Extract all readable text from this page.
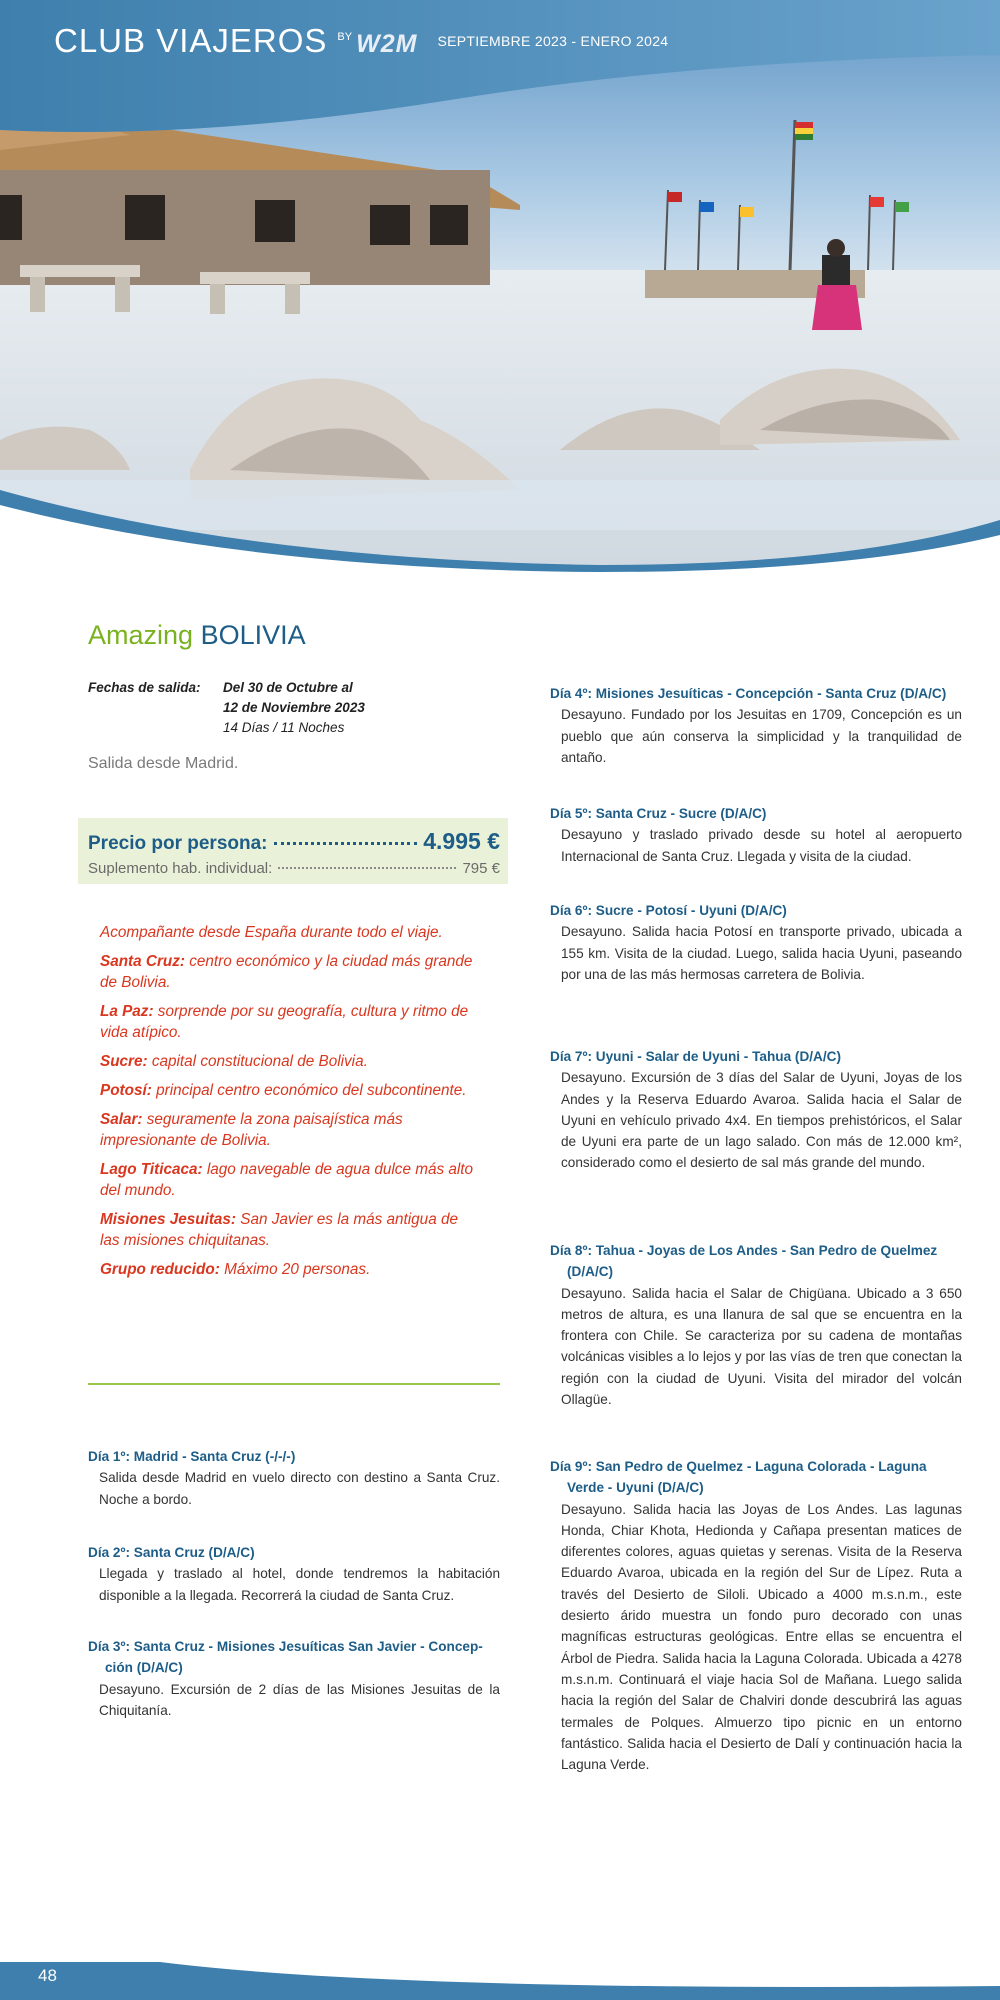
CLUB VIAJEROS BY W2M SEPTIEMBRE 2023 - ENERO 2024
Amazing BOLIVIA
Fechas de salida: Del 30 de Octubre al
12 de Noviembre 2023
14 Días / 11 Noches
Salida desde Madrid.
Precio por persona:	4.995 €
Suplemento hab. individual:	795 €
Acompañante desde España durante todo el viaje.
Santa Cruz: centro económico y la ciudad más grande de Bolivia.
La Paz: sorprende por su geografía, cultura y ritmo de vida atípico.
Sucre: capital constitucional de Bolivia.
Potosí: principal centro económico del subcontinente.
Salar: seguramente la zona paisajística más impresionante de Bolivia.
Lago Titicaca: lago navegable de agua dulce más alto del mundo.
Misiones Jesuitas: San Javier es la más antigua de las misiones chiquitanas.
Grupo reducido: Máximo 20 personas.
Día 1º: Madrid - Santa Cruz (-/-/-)
Salida desde Madrid en vuelo directo con destino a Santa Cruz. Noche a bordo.
Día 2º: Santa Cruz (D/A/C)
Llegada y traslado al hotel, donde tendremos la habitación disponible a la llegada. Recorrerá la ciudad de Santa Cruz.
Día 3º: Santa Cruz - Misiones Jesuíticas San Javier - Concep-
ción (D/A/C)
Desayuno. Excursión de 2 días de las Misiones Jesuitas de la Chiquitanía.
Día 4º: Misiones Jesuíticas - Concepción - Santa Cruz (D/A/C)
Desayuno. Fundado por los Jesuitas en 1709, Concepción es un pueblo que aún conserva la simplicidad y la tranquilidad de antaño.
Día 5º: Santa Cruz - Sucre (D/A/C)
Desayuno y traslado privado desde su hotel al aeropuerto Internacional de Santa Cruz. Llegada y visita de la ciudad.
Día 6º: Sucre - Potosí - Uyuni (D/A/C)
Desayuno. Salida hacia Potosí en transporte privado, ubicada a 155 km. Visita de la ciudad. Luego, salida hacia Uyuni, paseando por una de las más hermosas carretera de Bolivia.
Día 7º: Uyuni - Salar de Uyuni - Tahua (D/A/C)
Desayuno. Excursión de 3 días del Salar de Uyuni, Joyas de los Andes y la Reserva Eduardo Avaroa. Salida hacia el Salar de Uyuni en vehículo privado 4x4. En tiempos prehistóricos, el Salar de Uyuni era parte de un lago salado. Con más de 12.000 km², considerado como el desierto de sal más grande del mundo.
Día 8º: Tahua - Joyas de Los Andes - San Pedro de Quelmez
(D/A/C)
Desayuno. Salida hacia el Salar de Chigüana. Ubicado a 3 650 metros de altura, es una llanura de sal que se encuentra en la frontera con Chile. Se caracteriza por su cadena de montañas volcánicas visibles a lo lejos y por las vías de tren que conectan la región con la ciudad de Uyuni. Visita del mirador del volcán Ollagüe.
Día 9º: San Pedro de Quelmez - Laguna Colorada - Laguna
Verde - Uyuni (D/A/C)
Desayuno. Salida hacia las Joyas de Los Andes. Las lagunas Honda, Chiar Khota, Hedionda y Cañapa presentan matices de diferentes colores, aguas quietas y serenas. Visita de la Reserva Eduardo Avaroa, ubicada en la región del Sur de Lípez. Ruta a través del Desierto de Siloli. Ubicado a 4000 m.s.n.m., este desierto árido muestra un fondo puro decorado con unas magníficas estructuras geológicas. Entre ellas se encuentra el Árbol de Piedra. Salida hacia la Laguna Colorada. Ubicada a 4278 m.s.n.m. Continuará el viaje hacia Sol de Mañana. Luego salida hacia la región del Salar de Chalviri donde descubrirá las aguas termales de Polques. Almuerzo tipo picnic en un entorno fantástico. Salida hacia el Desierto de Dalí y continuación hacia la Laguna Verde.
48
